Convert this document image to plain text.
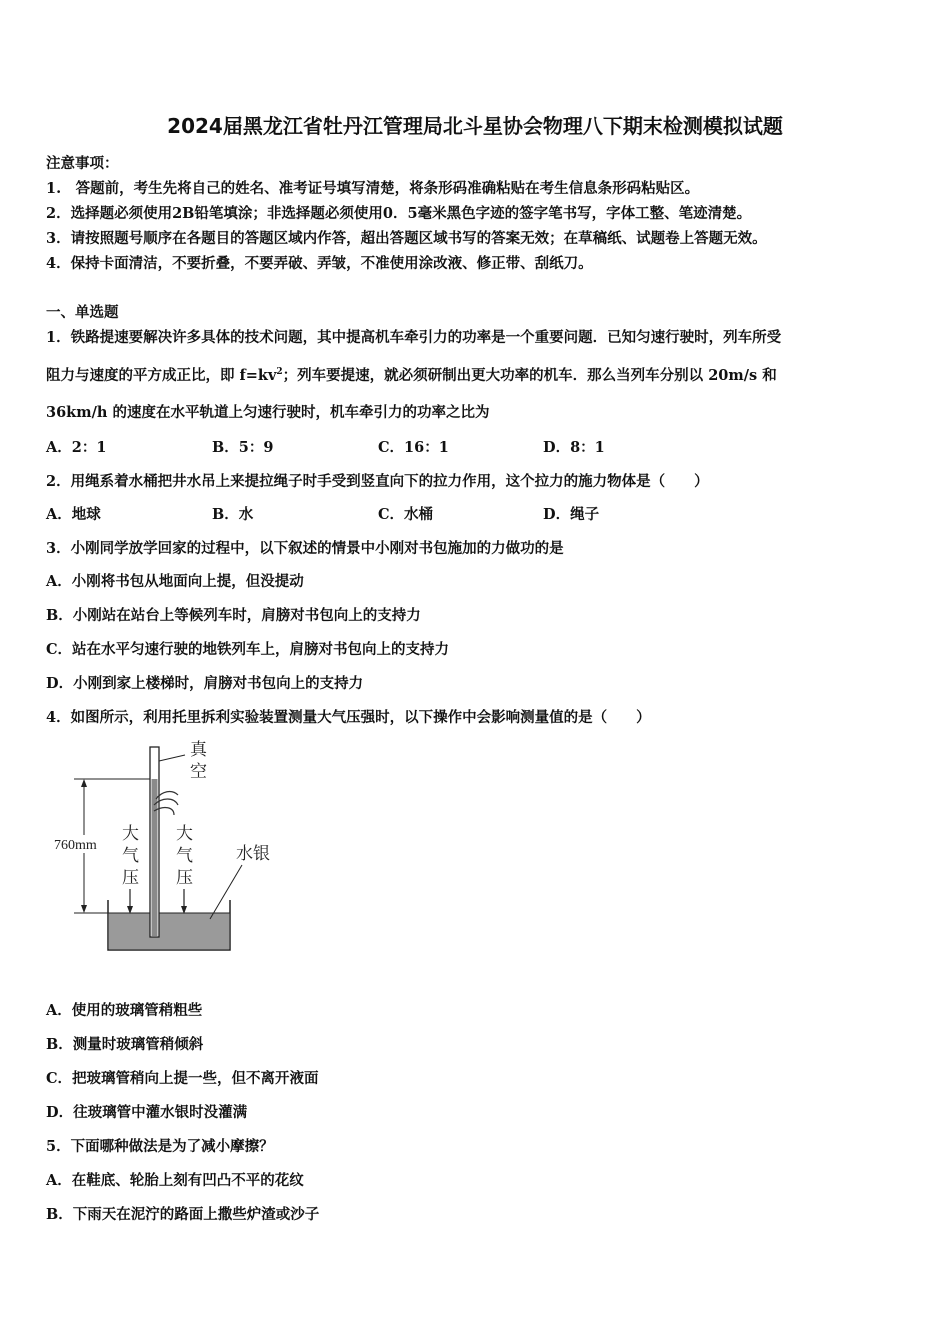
2024届黑龙江省牡丹江管理局北斗星协会物理八下期末检测模拟试题
注意事项：
1.　答题前，考生先将自己的姓名、准考证号填写清楚，将条形码准确粘贴在考生信息条形码粘贴区。
2．选择题必须使用2B铅笔填涂；非选择题必须使用0．5毫米黑色字迹的签字笔书写，字体工整、笔迹清楚。
3．请按照题号顺序在各题目的答题区域内作答，超出答题区域书写的答案无效；在草稿纸、试题卷上答题无效。
4．保持卡面清洁，不要折叠，不要弄破、弄皱，不准使用涂改液、修正带、刮纸刀。
一、单选题
1．铁路提速要解决许多具体的技术问题，其中提高机车牵引力的功率是一个重要问题．已知匀速行驶时，列车所受
阻力与速度的平方成正比，即 $f=kv^2$；列车要提速，就必须研制出更大功率的机车．那么当列车分别以 20m/s 和
36km/h 的速度在水平轨道上匀速行驶时，机车牵引力的功率之比为
A．2：1	B．5：9	C．16：1	D．8：1
2．用绳系着水桶把井水吊上来提拉绳子时手受到竖直向下的拉力作用，这个拉力的施力物体是（　　）
A．地球	B．水	C．水桶	D．绳子
3．小刚同学放学回家的过程中，以下叙述的情景中小刚对书包施加的力做功的是
A．小刚将书包从地面向上提，但没提动
B．小刚站在站台上等候列车时，肩膀对书包向上的支持力
C．站在水平匀速行驶的地铁列车上，肩膀对书包向上的支持力
D．小刚到家上楼梯时，肩膀对书包向上的支持力
4．如图所示，利用托里拆利实验装置测量大气压强时，以下操作中会影响测量值的是（　　）
760mm
真
空
大
气
压
大
气
压
水银
A．使用的玻璃管稍粗些
B．测量时玻璃管稍倾斜
C．把玻璃管稍向上提一些，但不离开液面
D．往玻璃管中灌水银时没灌满
5．下面哪种做法是为了减小摩擦？
A．在鞋底、轮胎上刻有凹凸不平的花纹
B．下雨天在泥泞的路面上撒些炉渣或沙子
